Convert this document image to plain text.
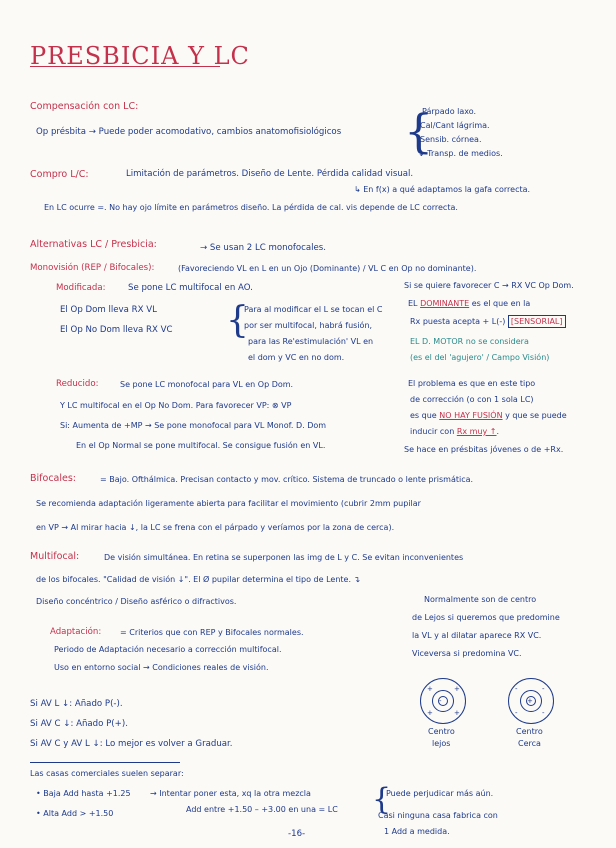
PRESBICIA Y LC
Compensación con LC:
Op présbita → Puede poder acomodativo, cambios anatomofisiológicos {
Párpado laxo.
Cal/Cant lágrima.
Sensib. córnea.
↓ Transp. de medios.
Compro L/C:	Limitación de parámetros. Diseño de Lente. Pérdida calidad visual.
↳ En f(x) a qué adaptamos la gafa correcta.
En LC ocurre =. No hay ojo límite en parámetros diseño. La pérdida de cal. vis depende de LC correcta.
Alternativas LC / Presbicia:	→ Se usan 2 LC monofocales.
Monovisión (REP / Bifocales):	(Favoreciendo VL en L en un Ojo (Dominante) / VL C en Op no dominante).
Modificada:	Se pone LC multifocal en AO.
El Op Dom lleva RX VL
El Op No Dom lleva RX VC {
Para al modificar el L se tocan el C
por ser multifocal, habrá fusión,
para las Re'estimulación' VL en
el dom y VC en no dom.
Si se quiere favorecer C → RX VC Op Dom.
EL DOMINANTE es el que en la
Rx puesta acepta + L(-) [SENSORIAL]
EL D. MOTOR no se considera
(es el del 'agujero' / Campo Visión)
Reducido:	Se pone LC monofocal para VL en Op Dom.
Y LC multifocal en el Op No Dom. Para favorecer VP: ⊗ VP
Si: Aumenta de +MP → Se pone monofocal para VL Monof. D. Dom
En el Op Normal se pone multifocal. Se consigue fusión en VL.
El problema es que en este tipo
de corrección (o con 1 sola LC)
es que NO HAY FUSIÓN y que se puede
inducir con Rx muy ↑.
Se hace en présbitas jóvenes o de +Rx.
Bifocales:	= Bajo. Ofthálmica. Precisan contacto y mov. crítico. Sistema de truncado o lente prismática.
Se recomienda adaptación ligeramente abierta para facilitar el movimiento (cubrir 2mm pupilar
en VP → Al mirar hacia ↓, la LC se frena con el párpado y veríamos por la zona de cerca).
Multifocal:	De visión simultánea. En retina se superponen las img de L y C. Se evitan inconvenientes
de los bifocales. "Calidad de visión ↓". El Ø pupilar determina el tipo de Lente. ↴
Diseño concéntrico / Diseño asférico o difractivos.
Adaptación: = Criterios que con REP y Bifocales normales.
Periodo de Adaptación necesario a corrección multifocal.
Uso en entorno social → Condiciones reales de visión.
Normalmente son de centro
de Lejos si queremos que predomine
la VL y al dilatar aparece RX VC.
Viceversa si predomina VC.
-
+	+
+	+
+
-	-
-	-
Centro
lejos
Centro
Cerca
Si AV L ↓: Añado P(-).
Si AV C ↓: Añado P(+).
Si AV C y AV L ↓: Lo mejor es volver a Graduar.
Las casas comerciales suelen separar:
• Baja Add hasta +1.25 → Intentar poner esta, xq la otra mezcla
• Alta Add > +1.50	Add entre +1.50 – +3.00 en una = LC {
Puede perjudicar más aún.
Casi ninguna casa fabrica con
1 Add a medida.
-16-
